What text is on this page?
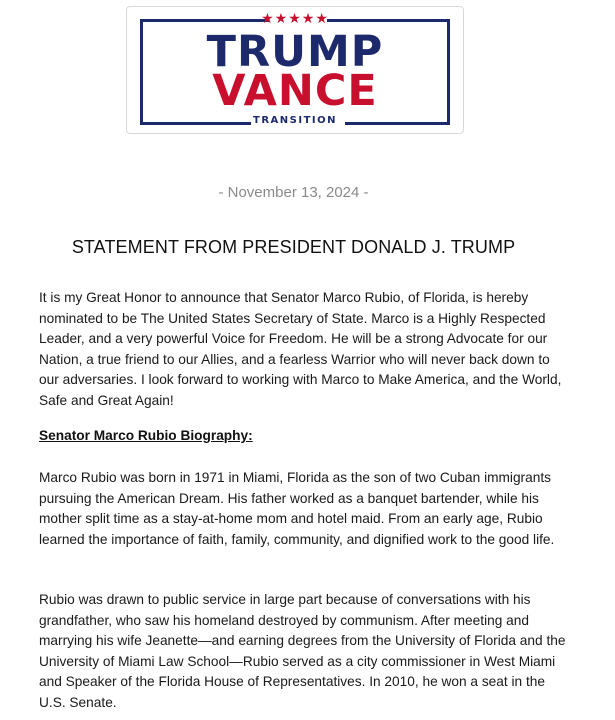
★★★★★
TRUMP
VANCE
TRANSITION
- November 13, 2024 -
STATEMENT FROM PRESIDENT DONALD J. TRUMP

It is my Great Honor to announce that Senator Marco Rubio, of Florida, is hereby nominated to be The United States Secretary of State. Marco is a Highly Respected Leader, and a very powerful Voice for Freedom. He will be a strong Advocate for our Nation, a true friend to our Allies, and a fearless Warrior who will never back down to our adversaries. I look forward to working with Marco to Make America, and the World, Safe and Great Again!

Senator Marco Rubio Biography:

Marco Rubio was born in 1971 in Miami, Florida as the son of two Cuban immigrants pursuing the American Dream. His father worked as a banquet bartender, while his mother split time as a stay-at-home mom and hotel maid. From an early age, Rubio learned the importance of faith, family, community, and dignified work to the good life.

Rubio was drawn to public service in large part because of conversations with his grandfather, who saw his homeland destroyed by communism. After meeting and marrying his wife Jeanette—and earning degrees from the University of Florida and the University of Miami Law School—Rubio served as a city commissioner in West Miami and Speaker of the Florida House of Representatives. In 2010, he won a seat in the U.S. Senate.
